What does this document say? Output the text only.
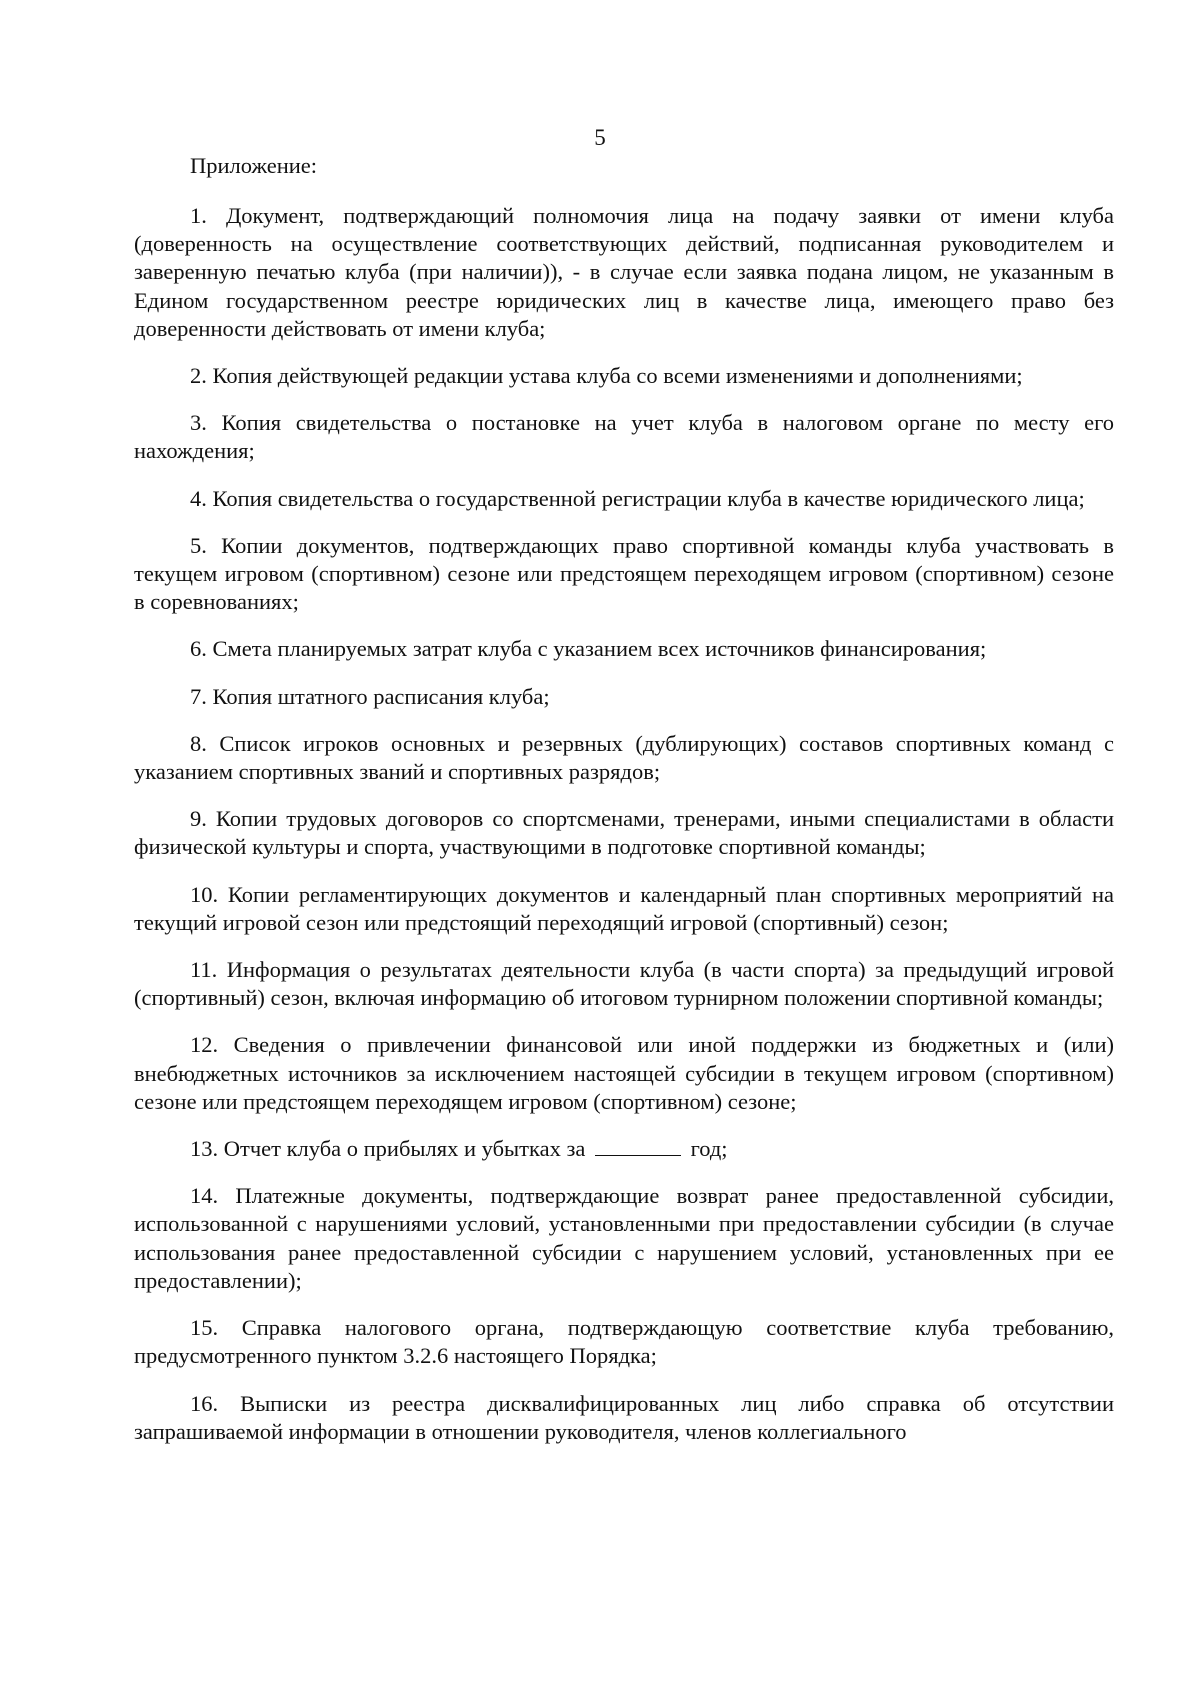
5

Приложение:

1. Документ, подтверждающий полномочия лица на подачу заявки от имени клуба (доверенность на осуществление соответствующих действий, подписанная руководителем и заверенную печатью клуба (при наличии)), - в случае если заявка подана лицом, не указанным в Едином государственном реестре юридических лиц в качестве лица, имеющего право без доверенности действовать от имени клуба;
2. Копия действующей редакции устава клуба со всеми изменениями и дополнениями;
3. Копия свидетельства о постановке на учет клуба в налоговом органе по месту его нахождения;
4. Копия свидетельства о государственной регистрации клуба в качестве юридического лица;
5. Копии документов, подтверждающих право спортивной команды клуба участвовать в текущем игровом (спортивном) сезоне или предстоящем переходящем игровом (спортивном) сезоне в соревнованиях;
6. Смета планируемых затрат клуба с указанием всех источников финансирования;
7. Копия штатного расписания клуба;
8. Список игроков основных и резервных (дублирующих) составов спортивных команд с указанием спортивных званий и спортивных разрядов;
9. Копии трудовых договоров со спортсменами, тренерами, иными специалистами в области физической культуры и спорта, участвующими в подготовке спортивной команды;
10. Копии регламентирующих документов и календарный план спортивных мероприятий на текущий игровой сезон или предстоящий переходящий игровой (спортивный) сезон;
11. Информация о результатах деятельности клуба (в части спорта) за предыдущий игровой (спортивный) сезон, включая информацию об итоговом турнирном положении спортивной команды;
12. Сведения о привлечении финансовой или иной поддержки из бюджетных и (или) внебюджетных источников за исключением настоящей субсидии в текущем игровом (спортивном) сезоне или предстоящем переходящем игровом (спортивном) сезоне;
13. Отчет клуба о прибылях и убытках за	год;
14. Платежные документы, подтверждающие возврат ранее предоставленной субсидии, использованной с нарушениями условий, установленными при предоставлении субсидии (в случае использования ранее предоставленной субсидии с нарушением условий, установленных при ее предоставлении);
15. Справка налогового органа, подтверждающую соответствие клуба требованию, предусмотренного пунктом 3.2.6 настоящего Порядка;
16. Выписки из реестра дисквалифицированных лиц либо справка об отсутствии запрашиваемой информации в отношении руководителя, членов коллегиального
